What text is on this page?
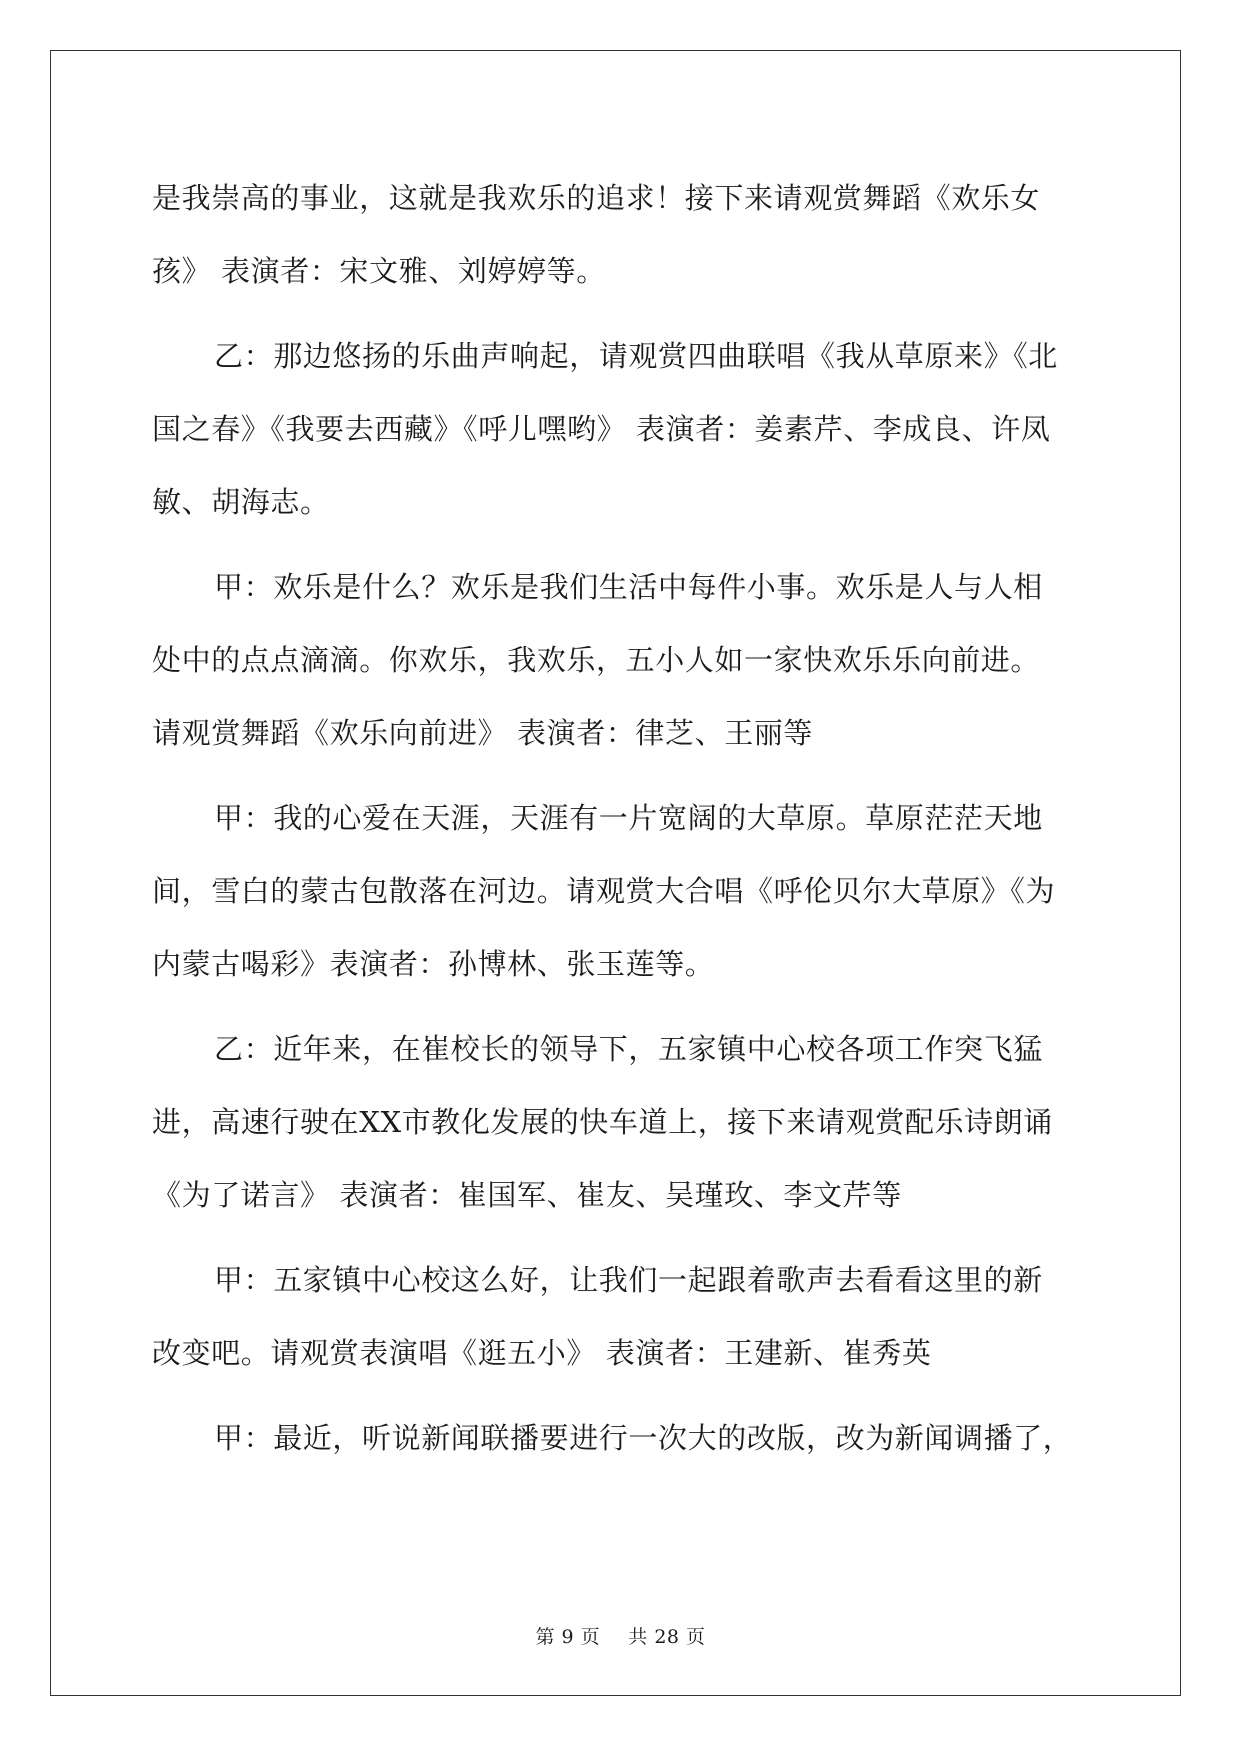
是我崇高的事业，这就是我欢乐的追求！接下来请观赏舞蹈《欢乐女
孩》 表演者：宋文雅、刘婷婷等。
乙：那边悠扬的乐曲声响起，请观赏四曲联唱《我从草原来》《北
国之春》《我要去西藏》《呼儿嘿哟》 表演者：姜素芹、李成良、许凤
敏、胡海志。
甲：欢乐是什么？欢乐是我们生活中每件小事。欢乐是人与人相
处中的点点滴滴。你欢乐，我欢乐，五小人如一家快欢乐乐向前进。
请观赏舞蹈《欢乐向前进》 表演者：律芝、王丽等
甲：我的心爱在天涯，天涯有一片宽阔的大草原。草原茫茫天地
间，雪白的蒙古包散落在河边。请观赏大合唱《呼伦贝尔大草原》《为
内蒙古喝彩》表演者：孙博林、张玉莲等。
乙：近年来，在崔校长的领导下，五家镇中心校各项工作突飞猛
进，高速行驶在XX市教化发展的快车道上，接下来请观赏配乐诗朗诵
《为了诺言》 表演者：崔国军、崔友、吴瑾玫、李文芹等
甲：五家镇中心校这么好，让我们一起跟着歌声去看看这里的新
改变吧。请观赏表演唱《逛五小》 表演者：王建新、崔秀英
甲：最近，听说新闻联播要进行一次大的改版，改为新闻调播了，
第 9 页 共 28 页
